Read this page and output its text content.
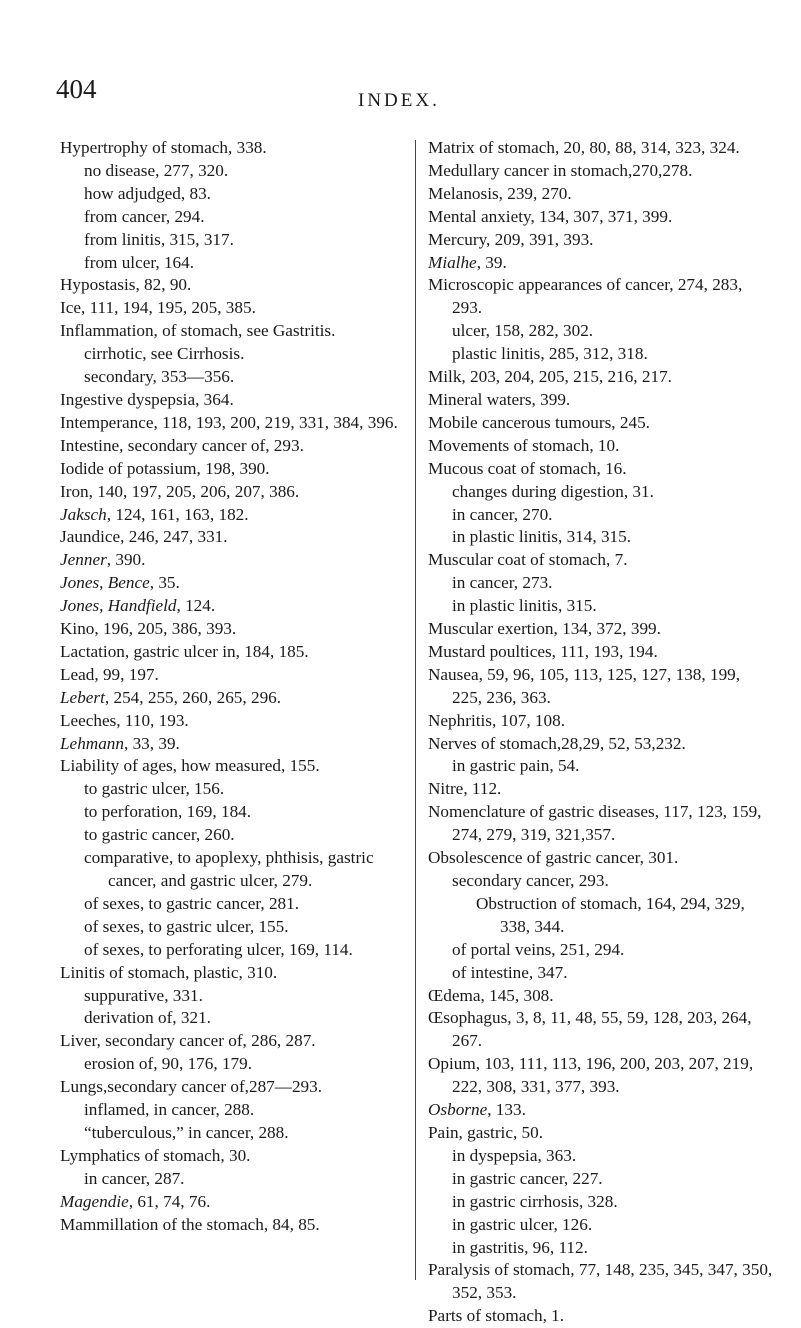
404	INDEX.
Hypertrophy of stomach, 338.
no disease, 277, 320.
how adjudged, 83.
from cancer, 294.
from linitis, 315, 317.
from ulcer, 164.
Hypostasis, 82, 90.
Ice, 111, 194, 195, 205, 385.
Inflammation, of stomach, see Gastritis.
cirrhotic, see Cirrhosis.
secondary, 353—356.
Ingestive dyspepsia, 364.
Intemperance, 118, 193, 200, 219, 331, 384, 396.
Intestine, secondary cancer of, 293.
Iodide of potassium, 198, 390.
Iron, 140, 197, 205, 206, 207, 386.
Jaksch, 124, 161, 163, 182.
Jaundice, 246, 247, 331.
Jenner, 390.
Jones, Bence, 35.
Jones, Handfield, 124.
Kino, 196, 205, 386, 393.
Lactation, gastric ulcer in, 184, 185.
Lead, 99, 197.
Lebert, 254, 255, 260, 265, 296.
Leeches, 110, 193.
Lehmann, 33, 39.
Liability of ages, how measured, 155.
to gastric ulcer, 156.
to perforation, 169, 184.
to gastric cancer, 260.
comparative, to apoplexy, phthisis, gastric cancer, and gastric ulcer, 279.
of sexes, to gastric cancer, 281.
of sexes, to gastric ulcer, 155.
of sexes, to perforating ulcer, 169, 114.
Linitis of stomach, plastic, 310.
suppurative, 331.
derivation of, 321.
Liver, secondary cancer of, 286, 287.
erosion of, 90, 176, 179.
Lungs,secondary cancer of,287—293.
inflamed, in cancer, 288.
“tuberculous,” in cancer, 288.
Lymphatics of stomach, 30.
in cancer, 287.
Magendie, 61, 74, 76.
Mammillation of the stomach, 84, 85.
Matrix of stomach, 20, 80, 88, 314, 323, 324.
Medullary cancer in stomach,270,278.
Melanosis, 239, 270.
Mental anxiety, 134, 307, 371, 399.
Mercury, 209, 391, 393.
Mialhe, 39.
Microscopic appearances of cancer, 274, 283, 293.
ulcer, 158, 282, 302.
plastic linitis, 285, 312, 318.
Milk, 203, 204, 205, 215, 216, 217.
Mineral waters, 399.
Mobile cancerous tumours, 245.
Movements of stomach, 10.
Mucous coat of stomach, 16.
changes during digestion, 31.
in cancer, 270.
in plastic linitis, 314, 315.
Muscular coat of stomach, 7.
in cancer, 273.
in plastic linitis, 315.
Muscular exertion, 134, 372, 399.
Mustard poultices, 111, 193, 194.
Nausea, 59, 96, 105, 113, 125, 127, 138, 199, 225, 236, 363.
Nephritis, 107, 108.
Nerves of stomach,28,29, 52, 53,232.
in gastric pain, 54.
Nitre, 112.
Nomenclature of gastric diseases, 117, 123, 159, 274, 279, 319, 321,357.
Obsolescence of gastric cancer, 301.
secondary cancer, 293.
Obstruction of stomach, 164, 294, 329, 338, 344.
of portal veins, 251, 294.
of intestine, 347.
Œdema, 145, 308.
Œsophagus, 3, 8, 11, 48, 55, 59, 128, 203, 264, 267.
Opium, 103, 111, 113, 196, 200, 203, 207, 219, 222, 308, 331, 377, 393.
Osborne, 133.
Pain, gastric, 50.
in dyspepsia, 363.
in gastric cancer, 227.
in gastric cirrhosis, 328.
in gastric ulcer, 126.
in gastritis, 96, 112.
Paralysis of stomach, 77, 148, 235, 345, 347, 350, 352, 353.
Parts of stomach, 1.
